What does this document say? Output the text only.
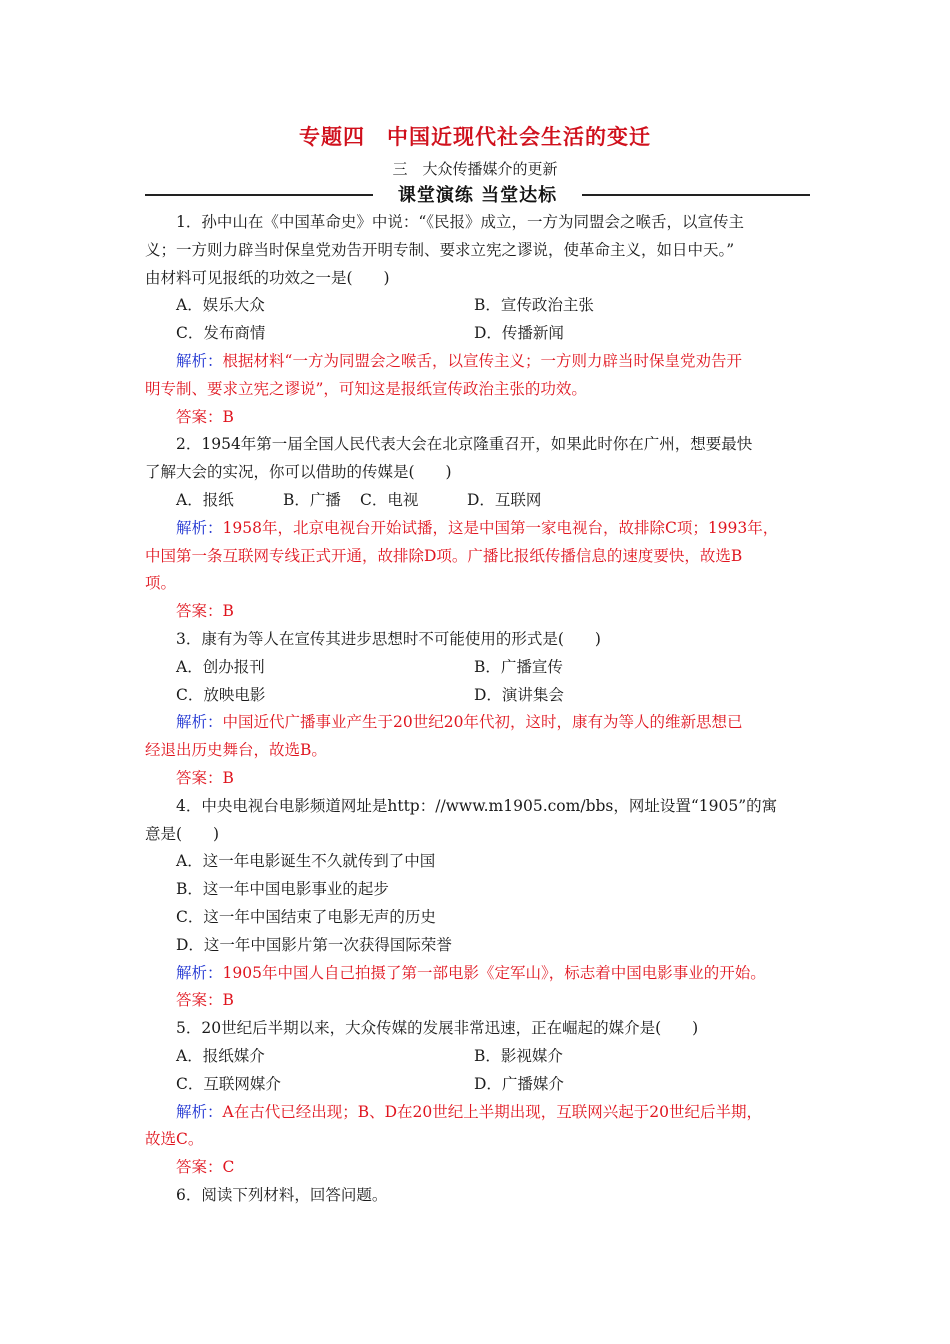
专题四　中国近现代社会生活的变迁
三　大众传播媒介的更新
课堂演练 当堂达标
1．孙中山在《中国革命史》中说：“《民报》成立，一方为同盟会之喉舌，以宣传主
义；一方则力辟当时保皇党劝告开明专制、要求立宪之谬说，使革命主义，如日中天。”
由材料可见报纸的功效之一是(　　)
A．娱乐大众	B．宣传政治主张
C．发布商情	D．传播新闻
解析：根据材料“一方为同盟会之喉舌，以宣传主义；一方则力辟当时保皇党劝告开
明专制、要求立宪之谬说”，可知这是报纸宣传政治主张的功效。
答案：B
2．1954年第一届全国人民代表大会在北京隆重召开，如果此时你在广州，想要最快
了解大会的实况，你可以借助的传媒是(　　)
A．报纸	B．广播 C．电视	D．互联网
解析：1958年，北京电视台开始试播，这是中国第一家电视台，故排除C项；1993年，
中国第一条互联网专线正式开通，故排除D项。广播比报纸传播信息的速度要快，故选B
项。
答案：B
3．康有为等人在宣传其进步思想时不可能使用的形式是(　　)
A．创办报刊	B．广播宣传
C．放映电影	D．演讲集会
解析：中国近代广播事业产生于20世纪20年代初，这时，康有为等人的维新思想已
经退出历史舞台，故选B。
答案：B
4．中央电视台电影频道网址是http：//www.m1905.com/bbs，网址设置“1905”的寓
意是(　　)
A．这一年电影诞生不久就传到了中国
B．这一年中国电影事业的起步
C．这一年中国结束了电影无声的历史
D．这一年中国影片第一次获得国际荣誉
解析：1905年中国人自己拍摄了第一部电影《定军山》，标志着中国电影事业的开始。
答案：B
5．20世纪后半期以来，大众传媒的发展非常迅速，正在崛起的媒介是(　　)
A．报纸媒介	B．影视媒介
C．互联网媒介	D．广播媒介
解析：A在古代已经出现；B、D在20世纪上半期出现，互联网兴起于20世纪后半期，
故选C。
答案：C
6．阅读下列材料，回答问题。
